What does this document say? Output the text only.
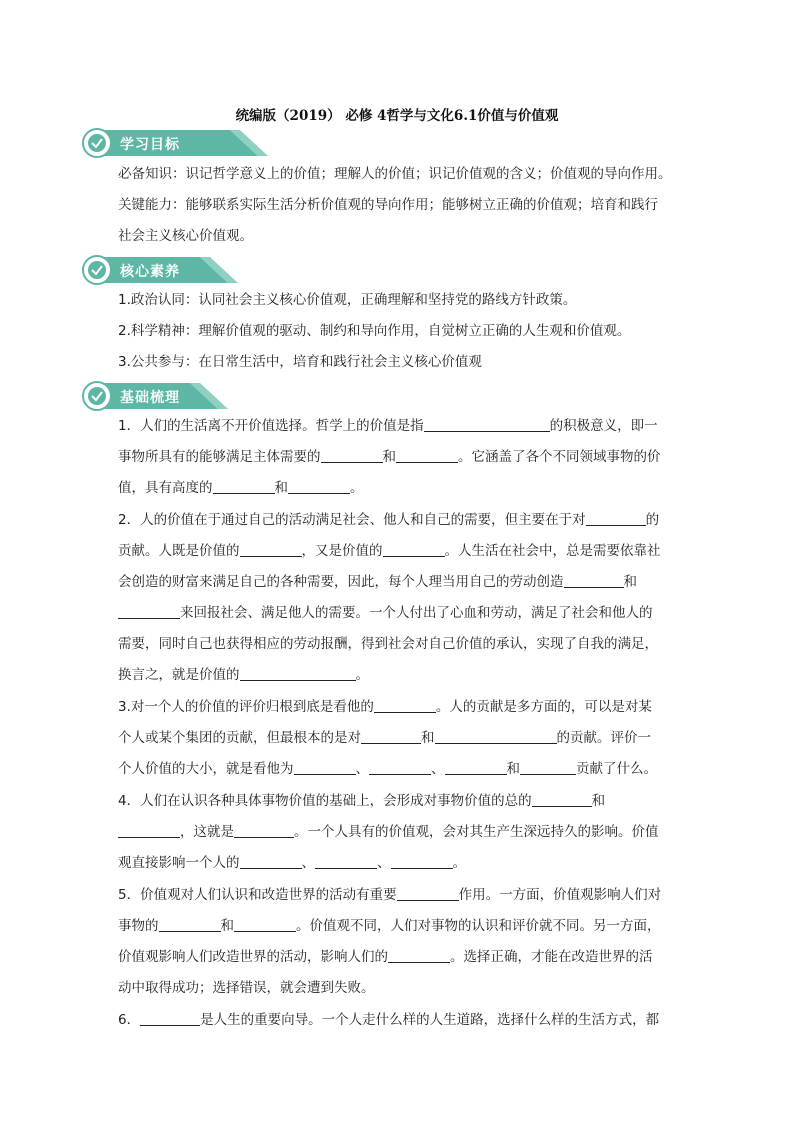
统编版（2019） 必修 4哲学与文化6.1价值与价值观
学习目标
必备知识：识记哲学意义上的价值；理解人的价值；识记价值观的含义；价值观的导向作用。
关键能力：能够联系实际生活分析价值观的导向作用；能够树立正确的价值观；培育和践行
社会主义核心价值观。
核心素养
1.政治认同：认同社会主义核心价值观，正确理解和坚持党的路线方针政策。
2.科学精神：理解价值观的驱动、制约和导向作用，自觉树立正确的人生观和价值观。
3.公共参与：在日常生活中，培育和践行社会主义核心价值观
基础梳理
1．人们的生活离不开价值选择。哲学上的价值是指	的积极意义，即一
事物所具有的能够满足主体需要的	和	。它涵盖了各个不同领域事物的价
值，具有高度的	和	。
2．人的价值在于通过自己的活动满足社会、他人和自己的需要，但主要在于对	的
贡献。人既是价值的	，又是价值的	。人生活在社会中，总是需要依靠社
会创造的财富来满足自己的各种需要，因此，每个人理当用自己的劳动创造	和
来回报社会、满足他人的需要。一个人付出了心血和劳动，满足了社会和他人的
需要，同时自己也获得相应的劳动报酬，得到社会对自己价值的承认，实现了自我的满足，
换言之，就是价值的	。
3.对一个人的价值的评价归根到底是看他的	。人的贡献是多方面的，可以是对某
个人或某个集团的贡献，但最根本的是对	和	的贡献。评价一
个人价值的大小，就是看他为	、	、	和	贡献了什么。
4．人们在认识各种具体事物价值的基础上，会形成对事物价值的总的	和
，这就是	。一个人具有的价值观，会对其生产生深远持久的影响。价值
观直接影响一个人的	、	、	。
5．价值观对人们认识和改造世界的活动有重要	作用。一方面，价值观影响人们对
事物的	和	。价值观不同，人们对事物的认识和评价就不同。另一方面，
价值观影响人们改造世界的活动，影响人们的	。选择正确，才能在改造世界的活
动中取得成功；选择错误，就会遭到失败。
6．	是人生的重要向导。一个人走什么样的人生道路，选择什么样的生活方式，都
